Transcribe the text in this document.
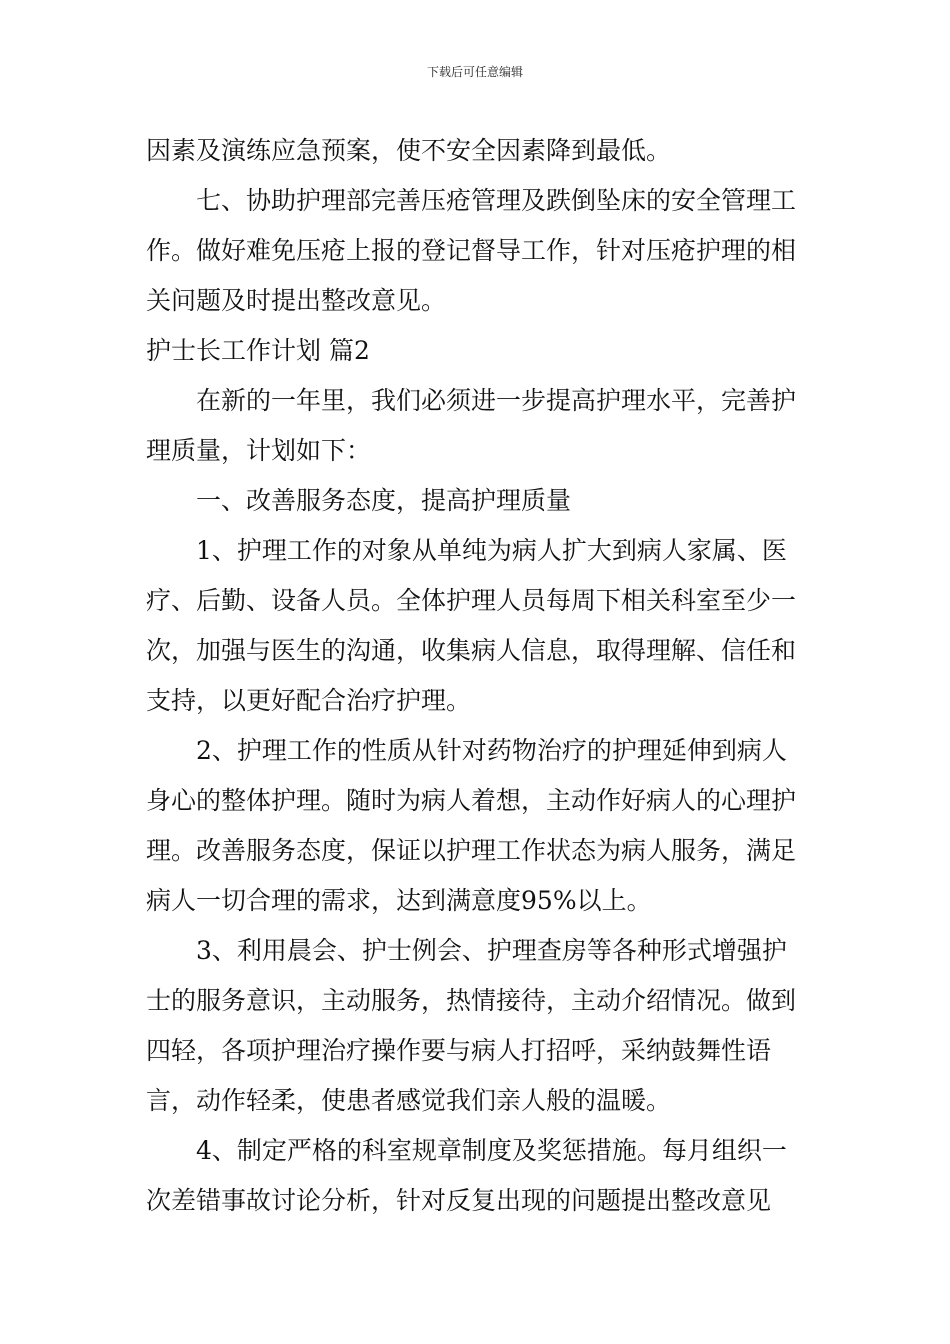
下载后可任意编辑

因素及演练应急预案，使不安全因素降到最低。

七、协助护理部完善压疮管理及跌倒坠床的安全管理工作。做好难免压疮上报的登记督导工作，针对压疮护理的相关问题及时提出整改意见。

护士长工作计划 篇2

在新的一年里，我们必须进一步提高护理水平，完善护理质量，计划如下：

一、改善服务态度，提高护理质量

1、护理工作的对象从单纯为病人扩大到病人家属、医疗、后勤、设备人员。全体护理人员每周下相关科室至少一次，加强与医生的沟通，收集病人信息，取得理解、信任和支持，以更好配合治疗护理。

2、护理工作的性质从针对药物治疗的护理延伸到病人身心的整体护理。随时为病人着想，主动作好病人的心理护理。改善服务态度，保证以护理工作状态为病人服务，满足病人一切合理的需求，达到满意度95%以上。

3、利用晨会、护士例会、护理查房等各种形式增强护士的服务意识，主动服务，热情接待，主动介绍情况。做到四轻，各项护理治疗操作要与病人打招呼，采纳鼓舞性语言，动作轻柔，使患者感觉我们亲人般的温暖。

4、制定严格的科室规章制度及奖惩措施。每月组织一次差错事故讨论分析，针对反复出现的问题提出整改意见
